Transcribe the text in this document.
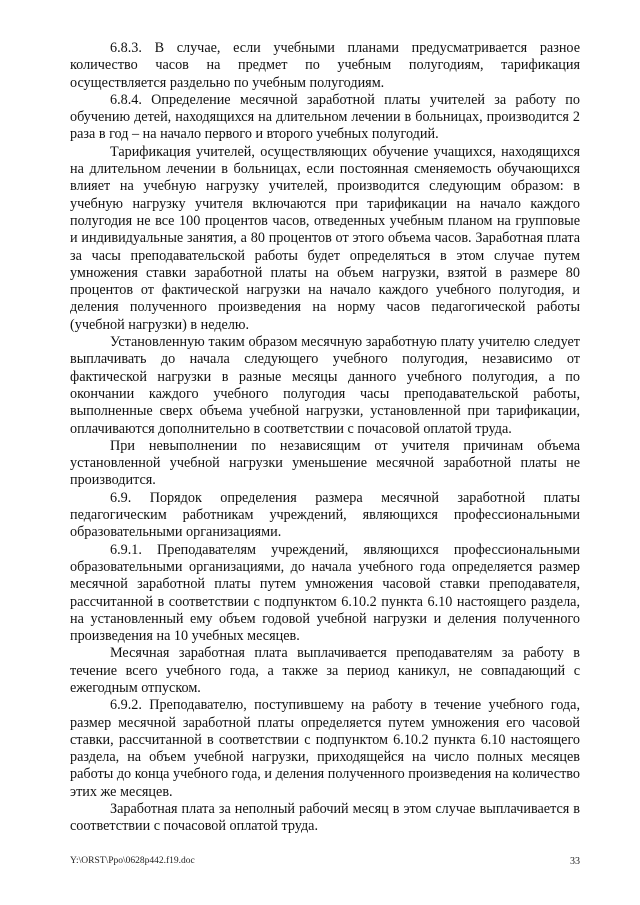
6.8.3. В случае, если учебными планами предусматривается разное количество часов на предмет по учебным полугодиям, тарификация осуществляется раздельно по учебным полугодиям.

6.8.4. Определение месячной заработной платы учителей за работу по обучению детей, находящихся на длительном лечении в больницах, производится 2 раза в год – на начало первого и второго учебных полугодий.

Тарификация учителей, осуществляющих обучение учащихся, находящихся на длительном лечении в больницах, если постоянная сменяемость обучающихся влияет на учебную нагрузку учителей, производится следующим образом: в учебную нагрузку учителя включаются при тарификации на начало каждого полугодия не все 100 процентов часов, отведенных учебным планом на групповые и индивидуальные занятия, а 80 процентов от этого объема часов. Заработная плата за часы преподавательской работы будет определяться в этом случае путем умножения ставки заработной платы на объем нагрузки, взятой в размере 80 процентов от фактической нагрузки на начало каждого учебного полугодия, и деления полученного произведения на норму часов педагогической работы (учебной нагрузки) в неделю.

Установленную таким образом месячную заработную плату учителю следует выплачивать до начала следующего учебного полугодия, независимо от фактической нагрузки в разные месяцы данного учебного полугодия, а по окончании каждого учебного полугодия часы преподавательской работы, выполненные сверх объема учебной нагрузки, установленной при тарификации, оплачиваются дополнительно в соответствии с почасовой оплатой труда.

При невыполнении по независящим от учителя причинам объема установленной учебной нагрузки уменьшение месячной заработной платы не производится.

6.9. Порядок определения размера месячной заработной платы педагогическим работникам учреждений, являющихся профессиональными образовательными организациями.

6.9.1. Преподавателям учреждений, являющихся профессиональными образовательными организациями, до начала учебного года определяется размер месячной заработной платы путем умножения часовой ставки преподавателя, рассчитанной в соответствии с подпунктом 6.10.2 пункта 6.10 настоящего раздела, на установленный ему объем годовой учебной нагрузки и деления полученного произведения на 10 учебных месяцев.

Месячная заработная плата выплачивается преподавателям за работу в течение всего учебного года, а также за период каникул, не совпадающий с ежегодным отпуском.

6.9.2. Преподавателю, поступившему на работу в течение учебного года, размер месячной заработной платы определяется путем умножения его часовой ставки, рассчитанной в соответствии с подпунктом 6.10.2 пункта 6.10 настоящего раздела, на объем учебной нагрузки, приходящейся на число полных месяцев работы до конца учебного года, и деления полученного произведения на количество этих же месяцев.

Заработная плата за неполный рабочий месяц в этом случае выплачивается в соответствии с почасовой оплатой труда.

Y:\ORST\Ppo\0628p442.f19.doc	33
